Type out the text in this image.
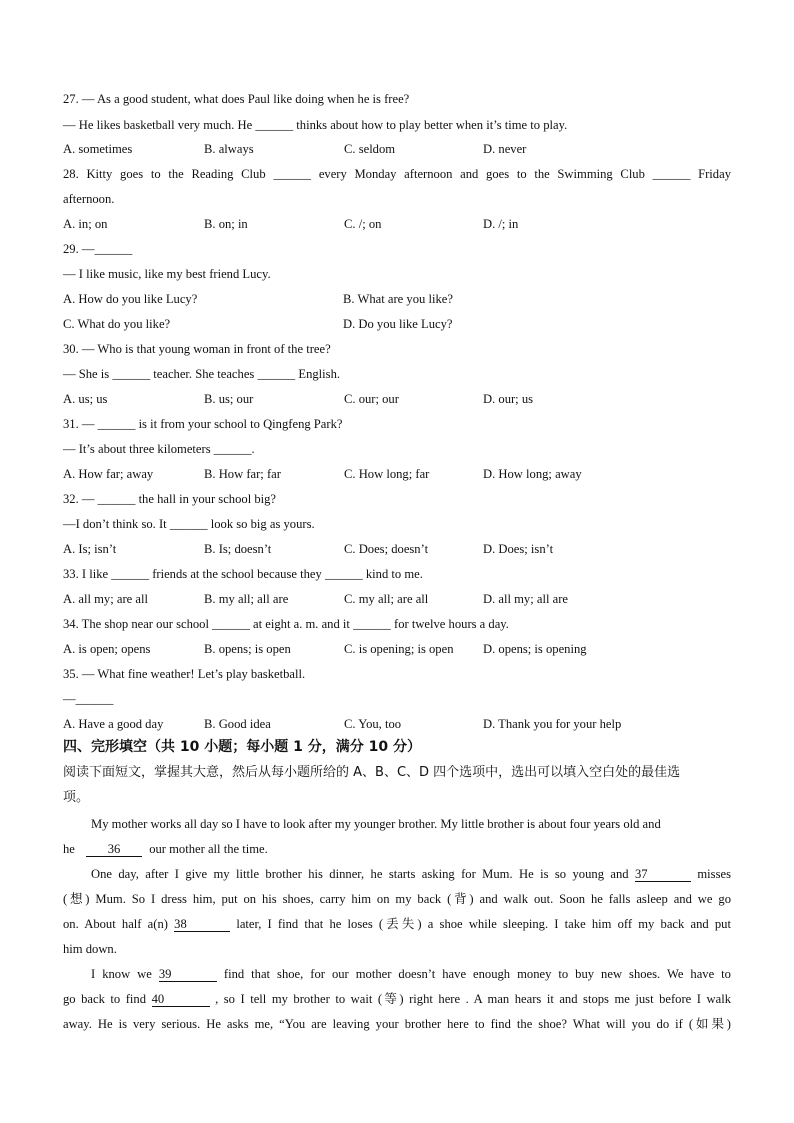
27. — As a good student, what does Paul like doing when he is free?
— He likes basketball very much. He ______ thinks about how to play better when it’s time to play.
A. sometimes	B. always	C. seldom	D. never
28. Kitty goes to the Reading Club ______ every Monday afternoon and goes to the Swimming Club ______ Friday
afternoon.
A. in; on	B. on; in	C. /; on	D. /; in
29. —______
— I like music, like my best friend Lucy.
A. How do you like Lucy?	B. What are you like?
C. What do you like?	D. Do you like Lucy?
30. — Who is that young woman in front of the tree?
— She is ______ teacher. She teaches ______ English.
A. us; us	B. us; our	C. our; our	D. our; us
31. — ______ is it from your school to Qingfeng Park?
— It’s about three kilometers ______.
A. How far; away	B. How far; far	C. How long; far	D. How long; away
32. — ______ the hall in your school big?
—I don’t think so. It ______ look so big as yours.
A. Is; isn’t	B. Is; doesn’t	C. Does; doesn’t	D. Does; isn’t
33. I like ______ friends at the school because they ______ kind to me.
A. all my; are all	B. my all; all are	C. my all; are all	D. all my; all are
34. The shop near our school ______ at eight a. m. and it ______ for twelve hours a day.
A. is open; opens	B. opens; is open	C. is opening; is open D. opens; is opening
35. — What fine weather! Let’s play basketball.
—______
A. Have a good day	B. Good idea	C. You, too	D. Thank you for your help
四、完形填空（共 10 小题；每小题 1 分，满分 10 分）
阅读下面短文，掌握其大意，然后从每小题所给的 A、B、C、D 四个选项中，选出可以填入空白处的最佳选
项。
My mother works all day so I have to look after my younger brother. My little brother is about four years old and
he	36 our mother all the time.
One day, after I give my little brother his dinner, he starts asking for Mum. He is so young and 37	misses
(想) Mum. So I dress him, put on his shoes, carry him on my back (背) and walk out. Soon he falls asleep and we go
on. About half a(n) 38	later, I find that he loses (丢失) a shoe while sleeping. I take him off my back and put
him down.
I know we 39	find that shoe, for our mother doesn’t have enough money to buy new shoes. We have to
go back to find 40	, so I tell my brother to wait (等) right here . A man hears it and stops me just before I walk
away. He is very serious. He asks me, “You are leaving your brother here to find the shoe? What will you do if (如果)
